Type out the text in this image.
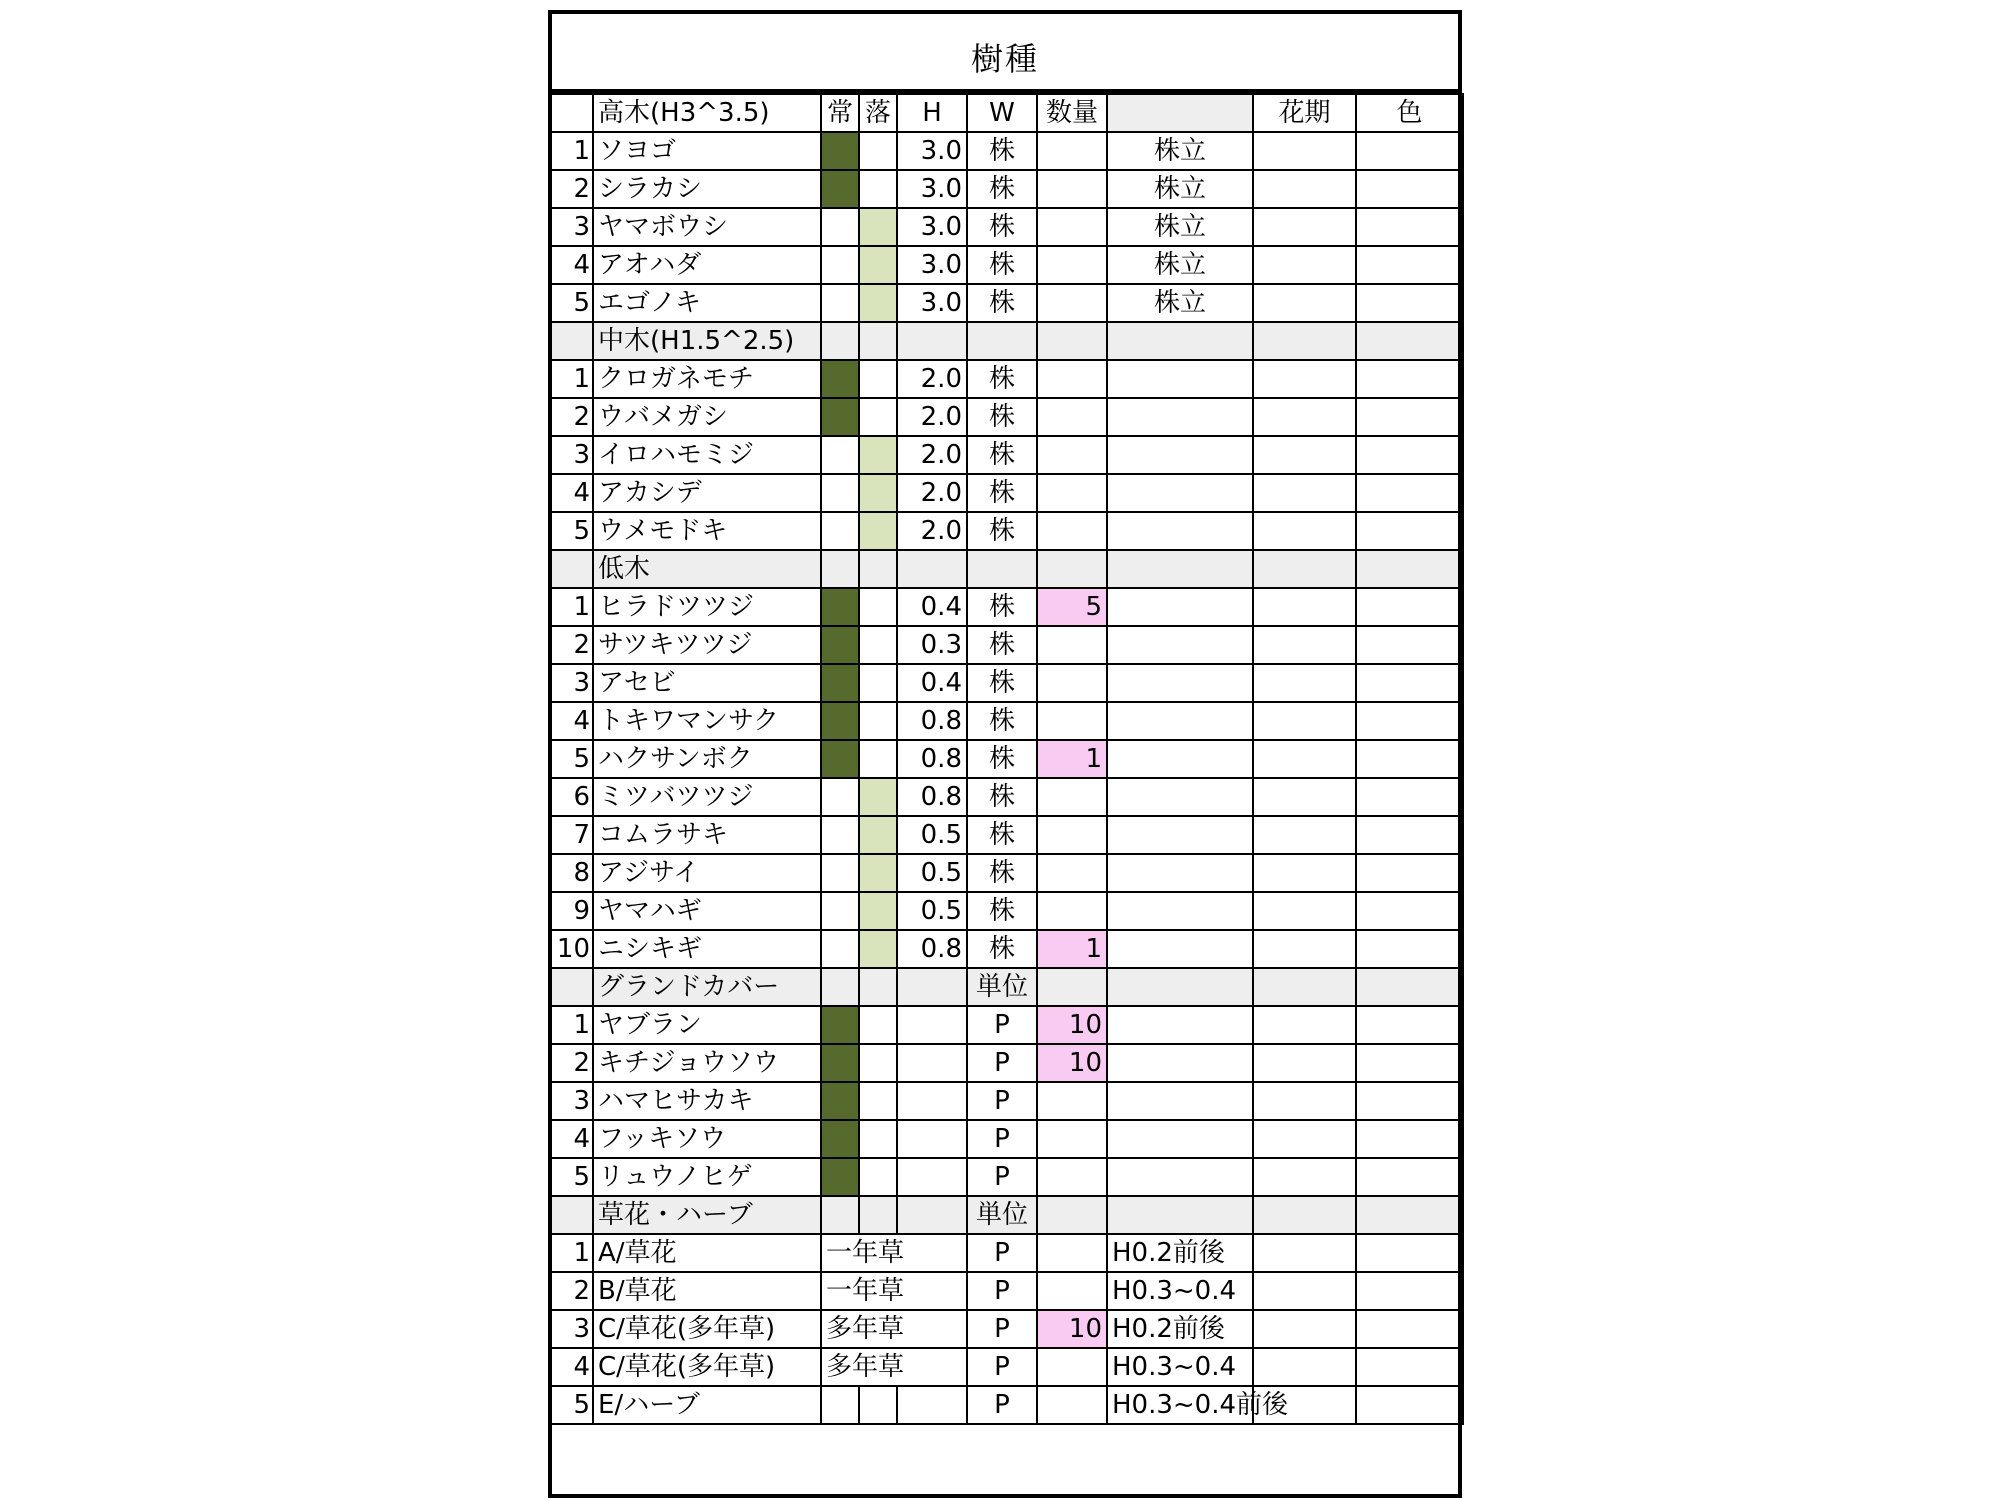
樹種
	高木(H3^3.5)	常	落	H	W	数量		花期	色
1	ソヨゴ			3.0	株		株立		
2	シラカシ			3.0	株		株立		
3	ヤマボウシ			3.0	株		株立		
4	アオハダ			3.0	株		株立		
5	エゴノキ			3.0	株		株立		
	中木(H1.5^2.5)								
1	クロガネモチ			2.0	株				
2	ウバメガシ			2.0	株				
3	イロハモミジ			2.0	株				
4	アカシデ			2.0	株				
5	ウメモドキ			2.0	株				
	低木								
1	ヒラドツツジ			0.4	株	5			
2	サツキツツジ			0.3	株				
3	アセビ			0.4	株				
4	トキワマンサク			0.8	株				
5	ハクサンボク			0.8	株	1			
6	ミツバツツジ			0.8	株				
7	コムラサキ			0.5	株				
8	アジサイ			0.5	株				
9	ヤマハギ			0.5	株				
10	ニシキギ			0.8	株	1			
	グランドカバー				単位				
1	ヤブラン				P	10			
2	キチジョウソウ				P	10			
3	ハマヒサカキ				P				
4	フッキソウ				P				
5	リュウノヒゲ				P				
	草花・ハーブ				単位				
1	A/草花	一年草			P		H0.2前後		
2	B/草花	一年草			P		H0.3~0.4		
3	C/草花(多年草)	多年草			P	10	H0.2前後		
4	C/草花(多年草)	多年草			P		H0.3~0.4		
5	E/ハーブ				P		H0.3~0.4前後		
